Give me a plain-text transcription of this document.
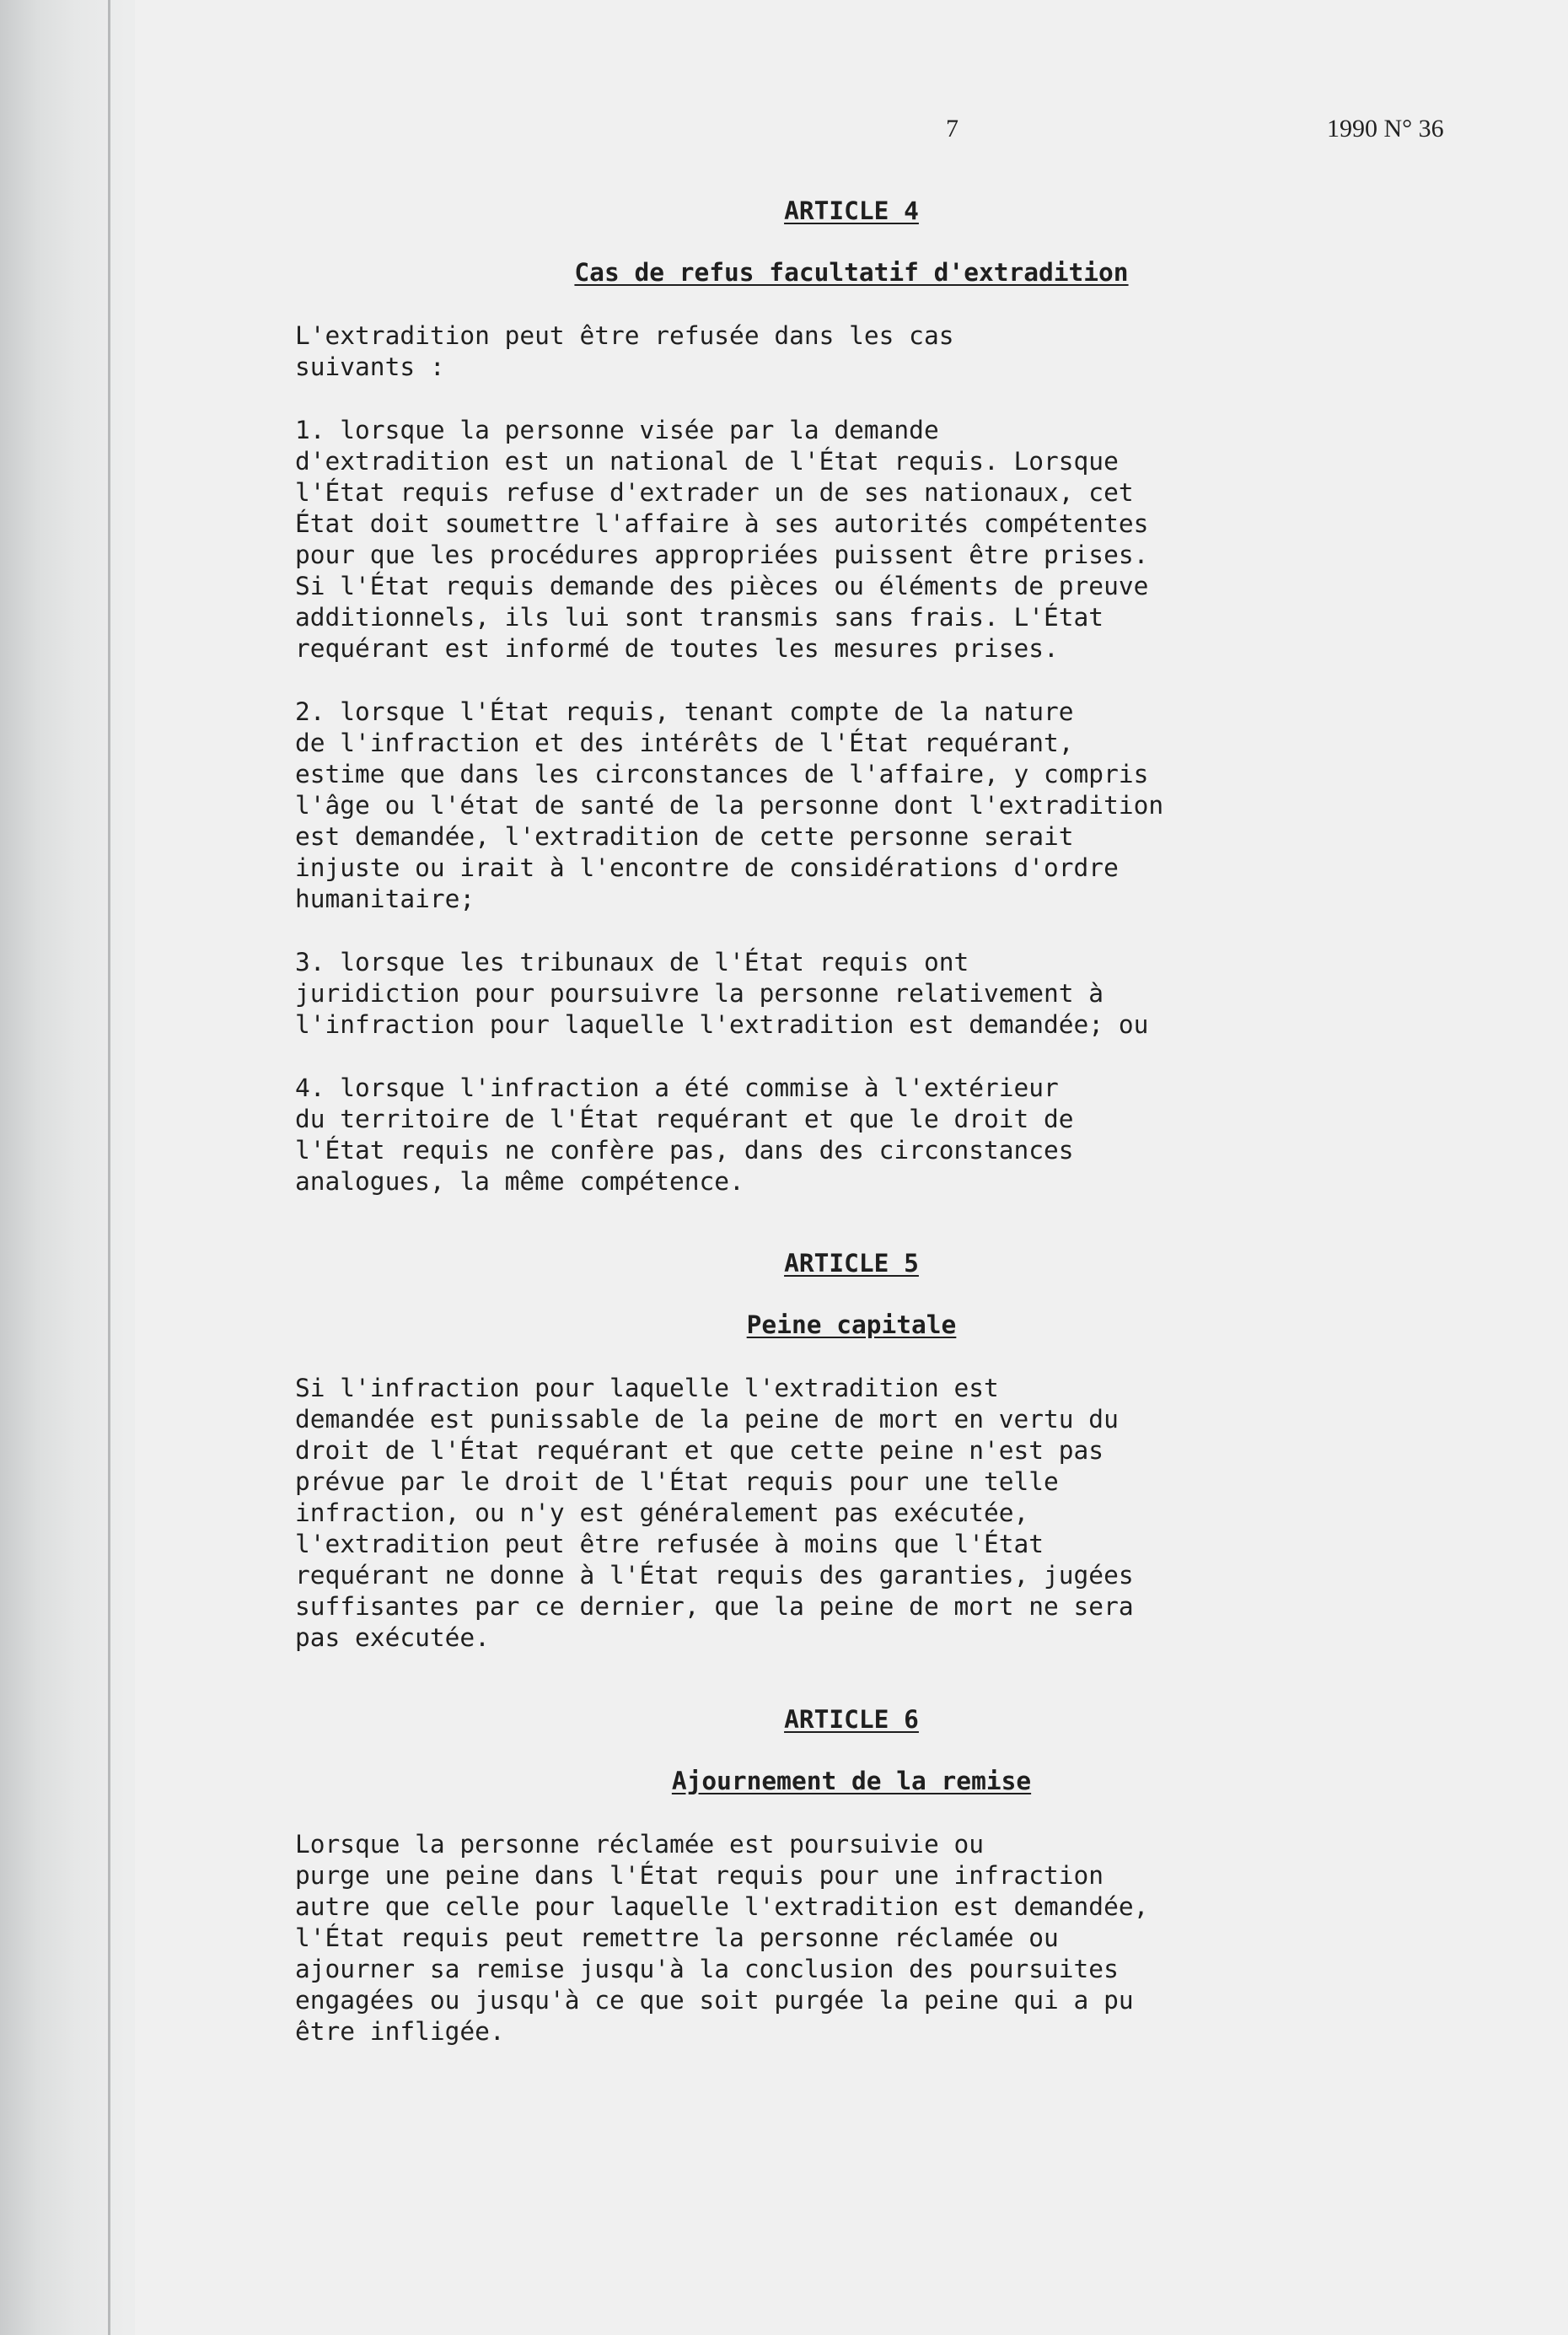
7	1990 N° 36

ARTICLE 4

Cas de refus facultatif d'extradition

L'extradition peut être refusée dans les cas
suivants :

1. lorsque la personne visée par la demande
d'extradition est un national de l'État requis. Lorsque
l'État requis refuse d'extrader un de ses nationaux, cet
État doit soumettre l'affaire à ses autorités compétentes
pour que les procédures appropriées puissent être prises.
Si l'État requis demande des pièces ou éléments de preuve
additionnels, ils lui sont transmis sans frais. L'État
requérant est informé de toutes les mesures prises.

2. lorsque l'État requis, tenant compte de la nature
de l'infraction et des intérêts de l'État requérant,
estime que dans les circonstances de l'affaire, y compris
l'âge ou l'état de santé de la personne dont l'extradition
est demandée, l'extradition de cette personne serait
injuste ou irait à l'encontre de considérations d'ordre
humanitaire;

3. lorsque les tribunaux de l'État requis ont
juridiction pour poursuivre la personne relativement à
l'infraction pour laquelle l'extradition est demandée; ou

4. lorsque l'infraction a été commise à l'extérieur
du territoire de l'État requérant et que le droit de
l'État requis ne confère pas, dans des circonstances
analogues, la même compétence.

ARTICLE 5

Peine capitale

Si l'infraction pour laquelle l'extradition est
demandée est punissable de la peine de mort en vertu du
droit de l'État requérant et que cette peine n'est pas
prévue par le droit de l'État requis pour une telle
infraction, ou n'y est généralement pas exécutée,
l'extradition peut être refusée à moins que l'État
requérant ne donne à l'État requis des garanties, jugées
suffisantes par ce dernier, que la peine de mort ne sera
pas exécutée.

ARTICLE 6

Ajournement de la remise

Lorsque la personne réclamée est poursuivie ou
purge une peine dans l'État requis pour une infraction
autre que celle pour laquelle l'extradition est demandée,
l'État requis peut remettre la personne réclamée ou
ajourner sa remise jusqu'à la conclusion des poursuites
engagées ou jusqu'à ce que soit purgée la peine qui a pu
être infligée.
